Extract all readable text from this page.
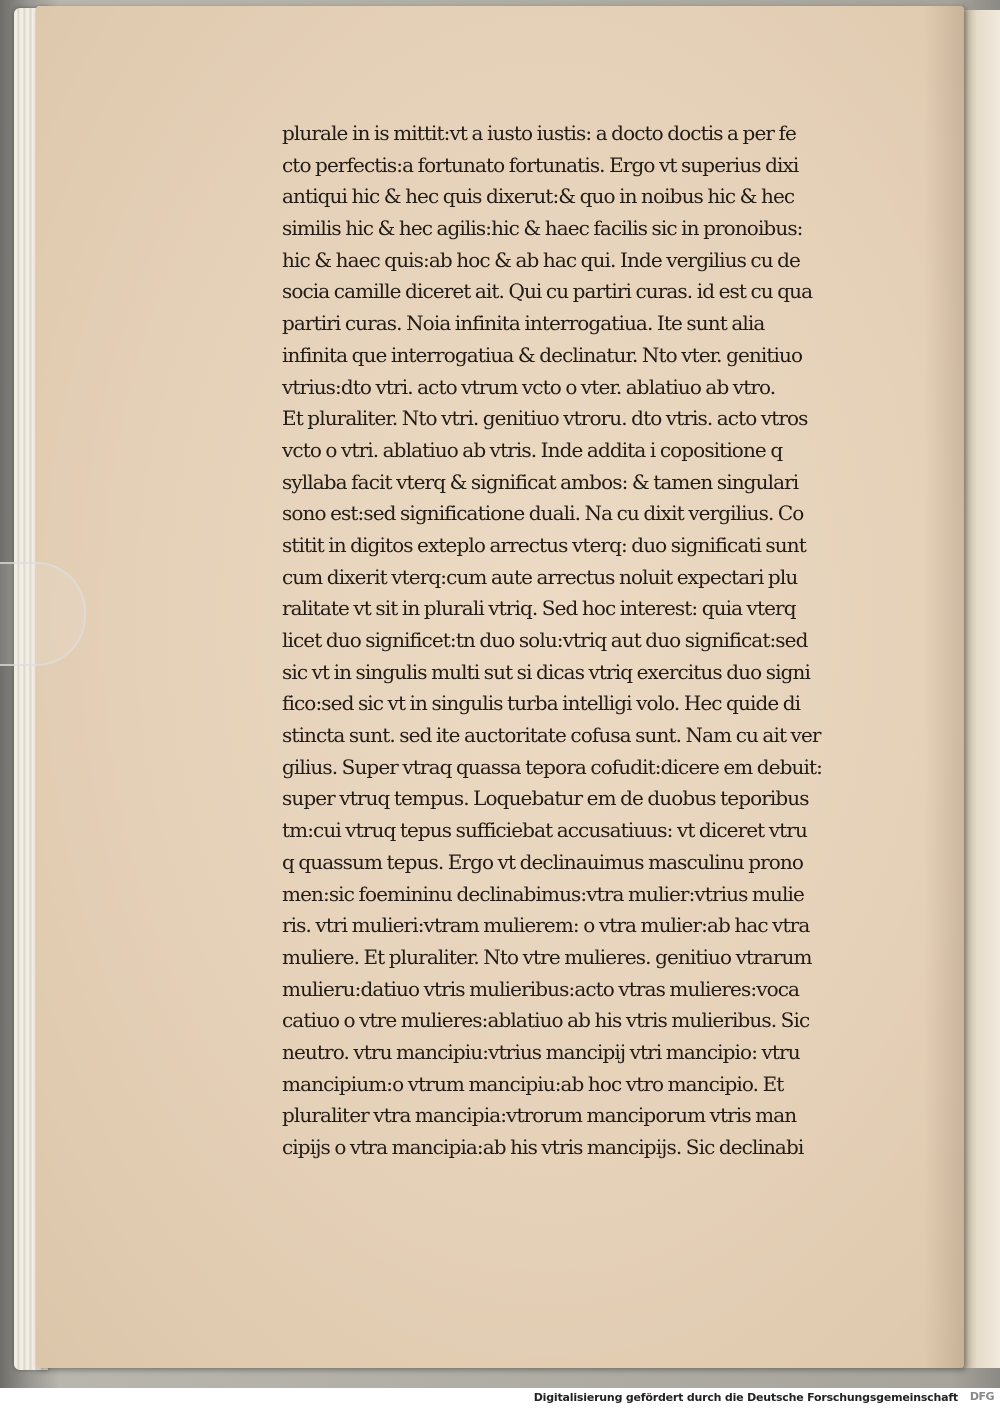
plurale in is mittit:vt a iusto iustis: a docto doctis a per fe
cto perfectis:a fortunato fortunatis. Ergo vt superius dixi
antiqui hic & hec quis dixerut:& quo in noibus hic & hec
similis hic & hec agilis:hic & haec facilis sic in pronoibus:
hic & haec quis:ab hoc & ab hac qui. Inde vergilius cu de
socia camille diceret ait. Qui cu partiri curas. id est cu qua
partiri curas. Noia infinita interrogatiua. Ite sunt alia
infinita que interrogatiua & declinatur. Nto vter. genitiuo
vtrius:dto vtri. acto vtrum vcto o vter. ablatiuo ab vtro.
Et pluraliter. Nto vtri. genitiuo vtroru. dto vtris. acto vtros
vcto o vtri. ablatiuo ab vtris. Inde addita i copositione q
syllaba facit vterq & significat ambos: & tamen singulari
sono est:sed significatione duali. Na cu dixit vergilius. Co
stitit in digitos exteplo arrectus vterq: duo significati sunt
cum dixerit vterq:cum aute arrectus noluit expectari plu
ralitate vt sit in plurali vtriq. Sed hoc interest: quia vterq
licet duo significet:tn duo solu:vtriq aut duo significat:sed
sic vt in singulis multi sut si dicas vtriq exercitus duo signi
fico:sed sic vt in singulis turba intelligi volo. Hec quide di
stincta sunt. sed ite auctoritate cofusa sunt. Nam cu ait ver
gilius. Super vtraq quassa tepora cofudit:dicere em debuit:
super vtruq tempus. Loquebatur em de duobus teporibus
tm:cui vtruq tepus sufficiebat accusatiuus: vt diceret vtru
q quassum tepus. Ergo vt declinauimus masculinu prono
men:sic foemininu declinabimus:vtra mulier:vtrius mulie
ris. vtri mulieri:vtram mulierem: o vtra mulier:ab hac vtra
muliere. Et pluraliter. Nto vtre mulieres. genitiuo vtrarum
mulieru:datiuo vtris mulieribus:acto vtras mulieres:voca
catiuo o vtre mulieres:ablatiuo ab his vtris mulieribus. Sic
neutro. vtru mancipiu:vtrius mancipij vtri mancipio: vtru
mancipium:o vtrum mancipiu:ab hoc vtro mancipio. Et
pluraliter vtra mancipia:vtrorum manciporum vtris man
cipijs o vtra mancipia:ab his vtris mancipijs. Sic declinabi
Digitalisierung gefördert durch die Deutsche Forschungsgemeinschaft DFG
